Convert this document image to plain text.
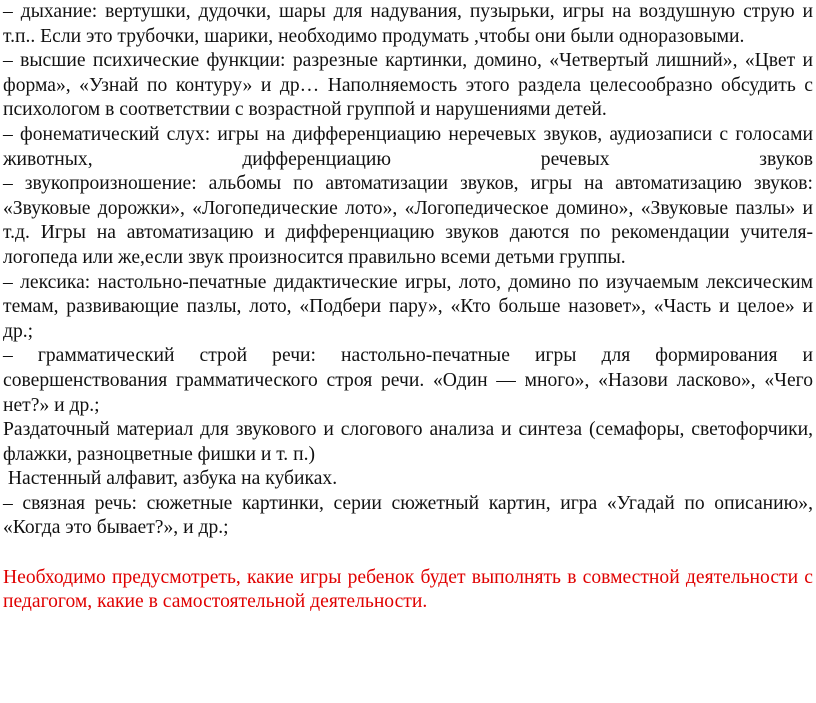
– дыхание: вертушки, дудочки, шары для надувания, пузырьки, игры на воздушную струю и т.п.. Если это трубочки, шарики, необходимо продумать ,чтобы они были одноразовыми.

– высшие психические функции: разрезные картинки, домино, «Четвертый лишний», «Цвет и форма», «Узнай по контуру» и др… Наполняемость этого раздела целесообразно обсудить с психологом в соответствии с возрастной группой и нарушениями детей.

– фонематический слух: игры на дифференциацию неречевых звуков, аудиозаписи с голосами животных, дифференциацию речевых звуков

– звукопроизношение: альбомы по автоматизации звуков, игры на автоматизацию звуков: «Звуковые дорожки», «Логопедические лото», «Логопедическое домино», «Звуковые пазлы» и т.д. Игры на автоматизацию и дифференциацию звуков даются по рекомендации учителя-логопеда или же,если звук произносится правильно всеми детьми группы.

– лексика: настольно-печатные дидактические игры, лото, домино по изучаемым лексическим темам, развивающие пазлы, лото, «Подбери пару», «Кто больше назовет», «Часть и целое» и др.;

– грамматический строй речи: настольно-печатные игры для формирования и совершенствования грамматического строя речи. «Один — много», «Назови ласково», «Чего нет?» и др.;

Раздаточный материал для звукового и слогового анализа и синтеза (семафоры, светофорчики, флажки, разноцветные фишки и т. п.)

Настенный алфавит, азбука на кубиках.

– связная речь: сюжетные картинки, серии сюжетный картин, игра «Угадай по описанию», «Когда это бывает?», и др.;

Необходимо предусмотреть, какие игры ребенок будет выполнять в совместной деятельности с педагогом, какие в самостоятельной деятельности.
